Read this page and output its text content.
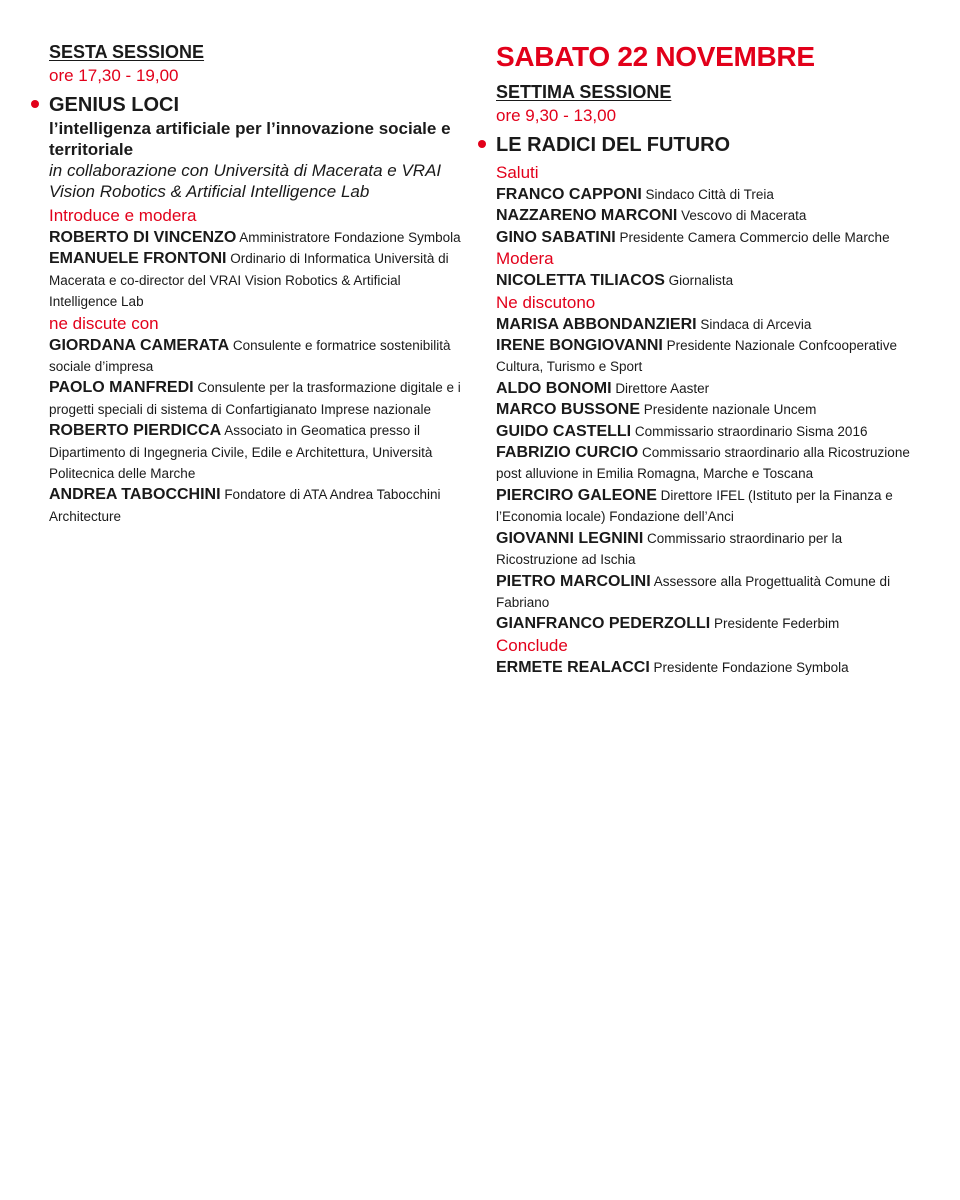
SESTA SESSIONE
ore 17,30 - 19,00
GENIUS LOCI
l’intelligenza artificiale per l’innovazione sociale e territoriale
in collaborazione con Università di Macerata e VRAI Vision Robotics & Artificial Intelligence Lab
Introduce e modera
ROBERTO DI VINCENZO Amministratore Fondazione Symbola
EMANUELE FRONTONI Ordinario di Informatica Università di Macerata e co-director del VRAI Vision Robotics & Artificial Intelligence Lab
ne discute con
GIORDANA CAMERATA Consulente e formatrice sostenibilità sociale d’impresa
PAOLO MANFREDI Consulente per la trasformazione digitale e i progetti speciali di sistema di Confartigianato Imprese nazionale
ROBERTO PIERDICCA Associato in Geomatica presso il Dipartimento di Ingegneria Civile, Edile e Architettura, Università Politecnica delle Marche
ANDREA TABOCCHINI Fondatore di ATA Andrea Tabocchini Architecture
SABATO 22 NOVEMBRE
SETTIMA SESSIONE
ore 9,30 - 13,00
LE RADICI DEL FUTURO
Saluti
FRANCO CAPPONI Sindaco Città di Treia
NAZZARENO MARCONI Vescovo di Macerata
GINO SABATINI Presidente Camera Commercio delle Marche
Modera
NICOLETTA TILIACOS Giornalista
Ne discutono
MARISA ABBONDANZIERI Sindaca di Arcevia
IRENE BONGIOVANNI Presidente Nazionale Confcooperative Cultura, Turismo e Sport
ALDO BONOMI Direttore Aaster
MARCO BUSSONE Presidente nazionale Uncem
GUIDO CASTELLI Commissario straordinario Sisma 2016
FABRIZIO CURCIO Commissario straordinario alla Ricostruzione post alluvione in Emilia Romagna, Marche e Toscana
PIERCIRO GALEONE Direttore IFEL (Istituto per la Finanza e l’Economia locale) Fondazione dell’Anci
GIOVANNI LEGNINI Commissario straordinario per la Ricostruzione ad Ischia
PIETRO MARCOLINI Assessore alla Progettualità Comune di Fabriano
GIANFRANCO PEDERZOLLI Presidente Federbim
Conclude
ERMETE REALACCI Presidente Fondazione Symbola
